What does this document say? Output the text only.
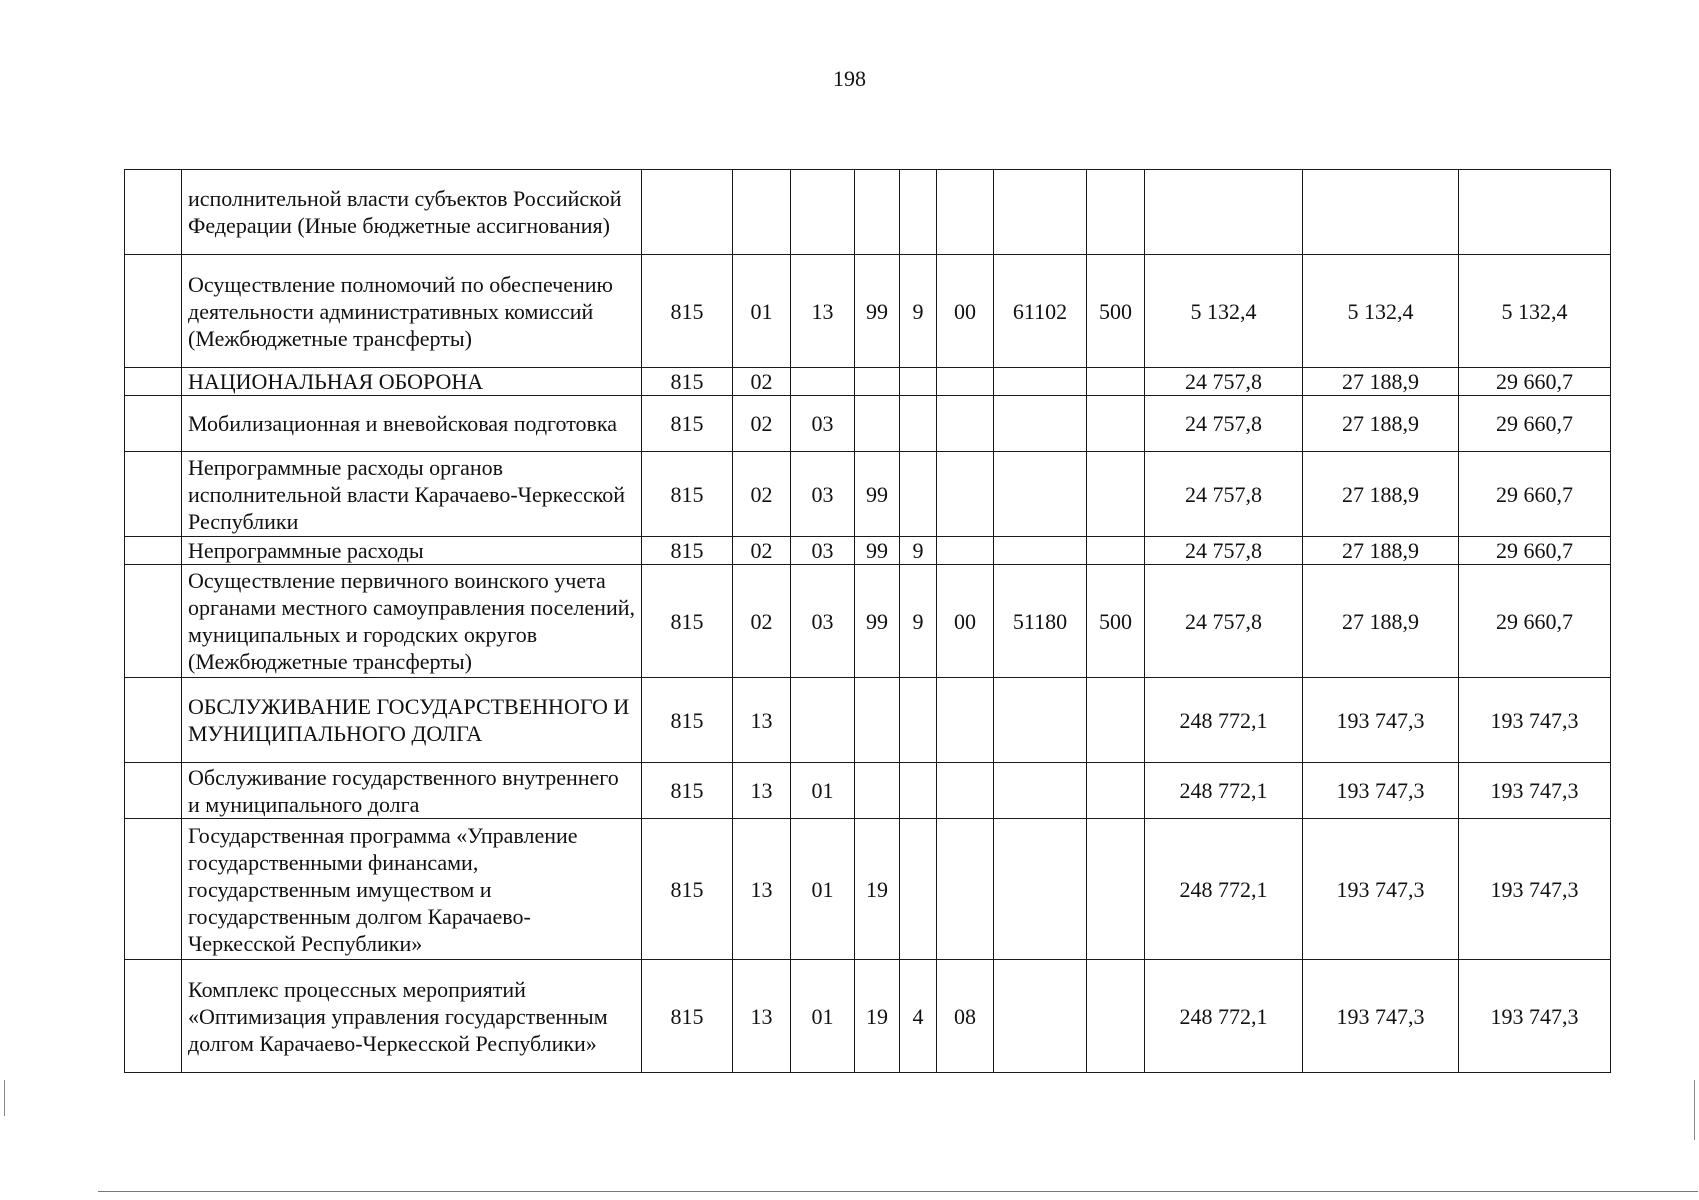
198
	исполнительной власти субъектов Российской Федерации (Иные бюджетные ассигнования)											
	Осуществление полномочий по обеспечению деятельности административных комиссий (Межбюджетные трансферты)	815	01	13	99	9	00	61102	500	5 132,4	5 132,4	5 132,4
	НАЦИОНАЛЬНАЯ ОБОРОНА	815	02							24 757,8	27 188,9	29 660,7
	Мобилизационная и вневойсковая подготовка	815	02	03						24 757,8	27 188,9	29 660,7
	Непрограммные расходы органов исполнительной власти Карачаево-Черкесской Республики	815	02	03	99					24 757,8	27 188,9	29 660,7
	Непрограммные расходы	815	02	03	99	9				24 757,8	27 188,9	29 660,7
	Осуществление первичного воинского учета органами местного самоуправления поселений, муниципальных и городских округов (Межбюджетные трансферты)	815	02	03	99	9	00	51180	500	24 757,8	27 188,9	29 660,7
	ОБСЛУЖИВАНИЕ ГОСУДАРСТВЕННОГО И МУНИЦИПАЛЬНОГО ДОЛГА	815	13							248 772,1	193 747,3	193 747,3
	Обслуживание государственного внутреннего и муниципального долга	815	13	01						248 772,1	193 747,3	193 747,3
	Государственная программа «Управление государственными финансами, государственным имуществом и государственным долгом Карачаево-Черкесской Республики»	815	13	01	19					248 772,1	193 747,3	193 747,3
	Комплекс процессных мероприятий «Оптимизация управления государственным долгом Карачаево-Черкесской Республики»	815	13	01	19	4	08			248 772,1	193 747,3	193 747,3
